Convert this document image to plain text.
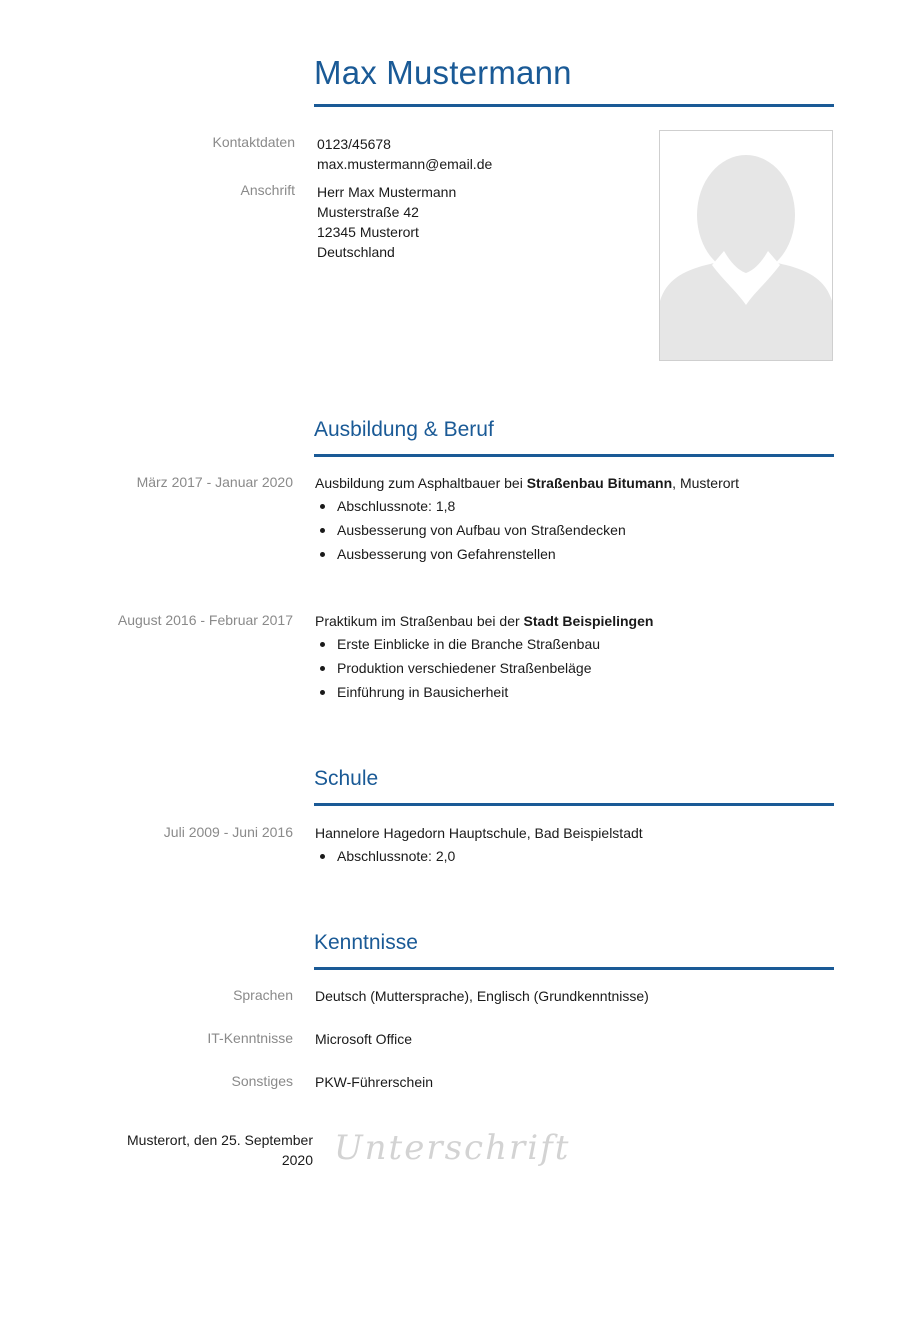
Max Mustermann
Kontaktdaten 0123/45678
max.mustermann@email.de
Anschrift Herr Max Mustermann
Musterstraße 42
12345 Musterort
Deutschland
Ausbildung & Beruf
März 2017 - Januar 2020 Ausbildung zum Asphaltbauer bei Straßenbau Bitumann, Musterort
Abschlussnote: 1,8
Ausbesserung von Aufbau von Straßendecken
Ausbesserung von Gefahrenstellen
August 2016 - Februar 2017 Praktikum im Straßenbau bei der Stadt Beispielingen
Erste Einblicke in die Branche Straßenbau
Produktion verschiedener Straßenbeläge
Einführung in Bausicherheit
Schule
Juli 2009 - Juni 2016 Hannelore Hagedorn Hauptschule, Bad Beispielstadt
Abschlussnote: 2,0
Kenntnisse
Sprachen Deutsch (Muttersprache), Englisch (Grundkenntnisse)
IT-Kenntnisse Microsoft Office
Sonstiges PKW-Führerschein
Musterort, den 25. September
2020 Unterschrift
